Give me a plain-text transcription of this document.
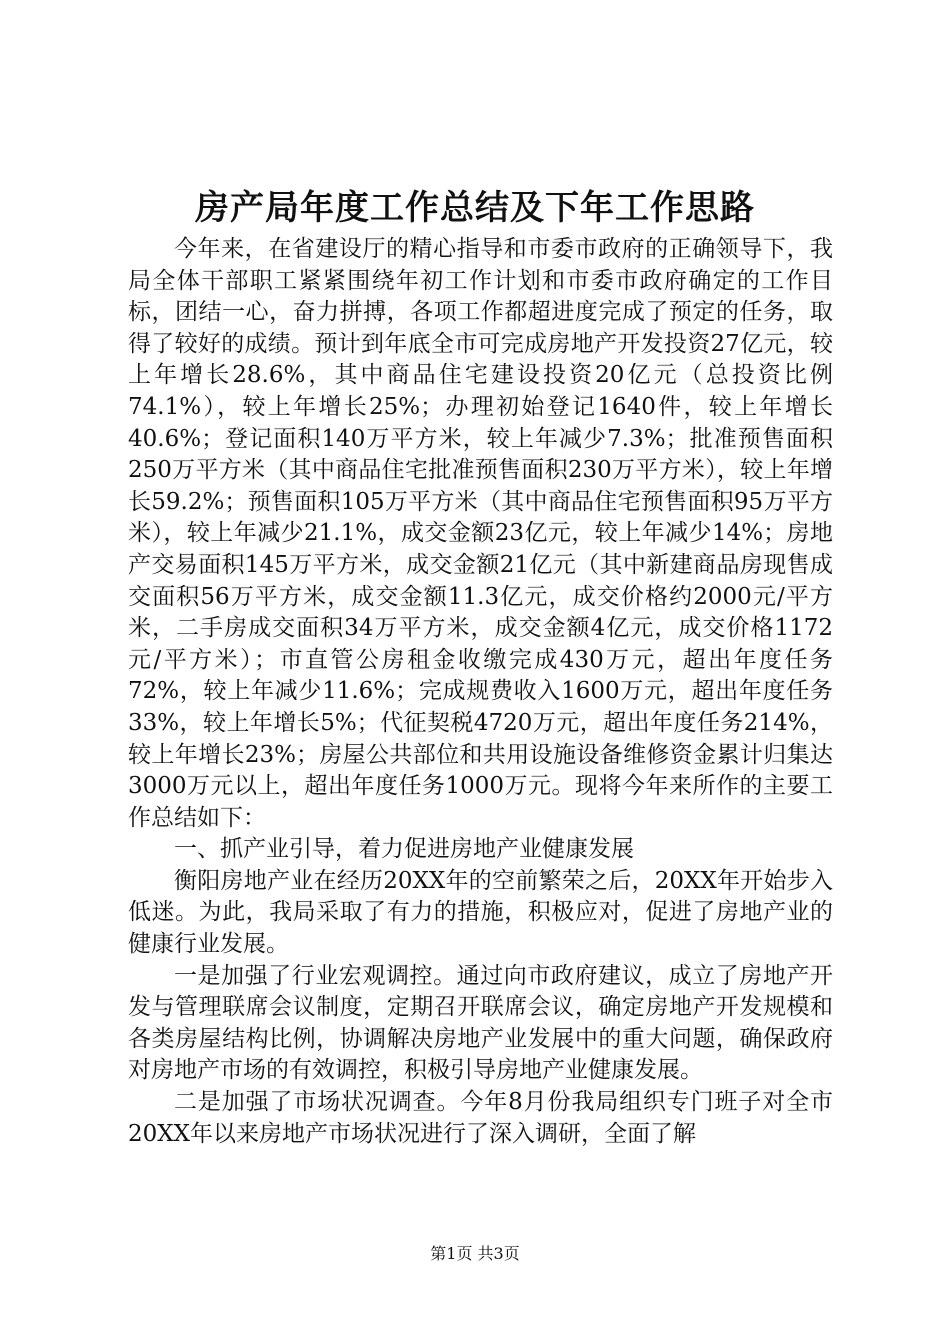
房产局年度工作总结及下年工作思路

今年来，在省建设厅的精心指导和市委市政府的正确领导下，我局全体干部职工紧紧围绕年初工作计划和市委市政府确定的工作目标，团结一心，奋力拼搏，各项工作都超进度完成了预定的任务，取得了较好的成绩。预计到年底全市可完成房地产开发投资27亿元，较上年增长28.6%，其中商品住宅建设投资20亿元（总投资比例74.1%），较上年增长25%；办理初始登记1640件，较上年增长40.6%；登记面积140万平方米，较上年减少7.3%；批准预售面积250万平方米（其中商品住宅批准预售面积230万平方米），较上年增长59.2%；预售面积105万平方米（其中商品住宅预售面积95万平方米），较上年减少21.1%，成交金额23亿元，较上年减少14%；房地产交易面积145万平方米，成交金额21亿元（其中新建商品房现售成交面积56万平方米，成交金额11.3亿元，成交价格约2000元/平方米，二手房成交面积34万平方米，成交金额4亿元，成交价格1172元/平方米）；市直管公房租金收缴完成430万元，超出年度任务72%，较上年减少11.6%；完成规费收入1600万元，超出年度任务33%，较上年增长5%；代征契税4720万元，超出年度任务214%，较上年增长23%；房屋公共部位和共用设施设备维修资金累计归集达3000万元以上，超出年度任务1000万元。现将今年来所作的主要工作总结如下：

一、抓产业引导，着力促进房地产业健康发展

衡阳房地产业在经历20XX年的空前繁荣之后，20XX年开始步入低迷。为此，我局采取了有力的措施，积极应对，促进了房地产业的健康行业发展。

一是加强了行业宏观调控。通过向市政府建议，成立了房地产开发与管理联席会议制度，定期召开联席会议，确定房地产开发规模和各类房屋结构比例，协调解决房地产业发展中的重大问题，确保政府对房地产市场的有效调控，积极引导房地产业健康发展。

二是加强了市场状况调查。今年8月份我局组织专门班子对全市20XX年以来房地产市场状况进行了深入调研，全面了解

第1页 共3页
